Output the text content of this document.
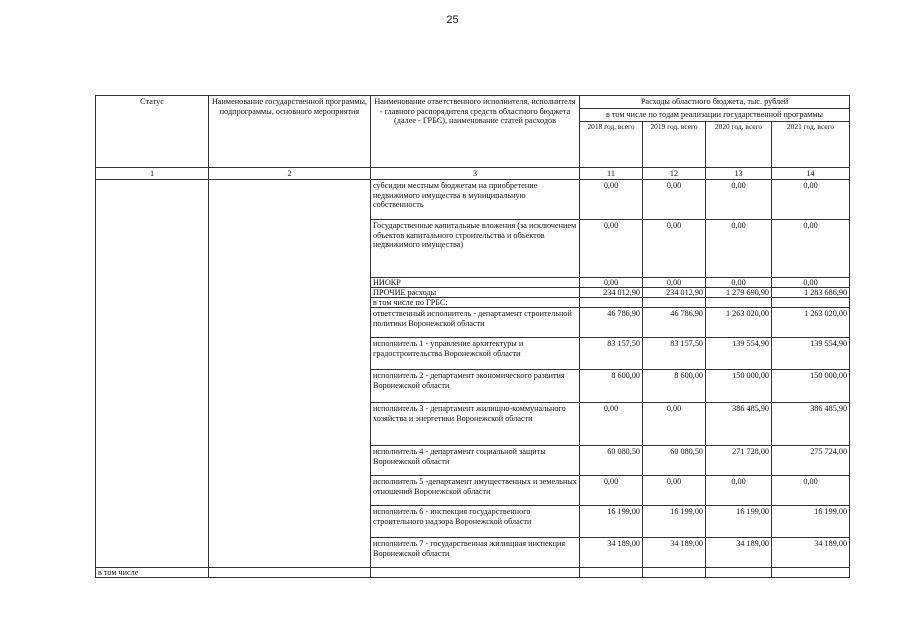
25
Статус	Наименование государственной программы, подпрограммы, основного мероприятия	Наименование ответственного исполнителя, исполнителя - главного распорядителя средств областного бюджета (далее - ГРБС), наименование статей расходов	Расходы областного бюджета, тыс. рублей			
			в том числе по годам реализации государственной программы			
			2018 год, всего	2019 год, всего	2020 год, всего	2021 год, всего
1	2	3	11	12	13	14
		субсидии местным бюджетам на приобретение недвижимого имущества в муниципальную собственность	0,00	0,00	0,00	0,00
		Государственные капитальные вложения (за исключением объектов капитального строительства и объектов недвижимого имущества)	0,00	0,00	0,00	0,00
		НИОКР	0,00	0,00	0,00	0,00
		ПРОЧИЕ расходы	234 012,90	234 012,90	1 279 690,90	1 283 686,90
		в том числе по ГРБС:				
		ответственный исполнитель - департамент строительной политики Воронежской области	46 786,90	46 786,90	1 263 020,00	1 263 020,00
		исполнитель 1 - управление архитектуры и градостроительства Воронежской области	83 157,50	83 157,50	139 554,90	139 554,90
		исполнитель 2 - департамент экономического развития Воронежской области	8 600,00	8 600,00	150 000,00	150 000,00
		исполнитель 3 - департамент жилищно-коммунального хозяйства и энергетики Воронежской области	0,00	0,00	386 485,90	386 485,90
		исполнитель 4 - департамент социальной защиты Воронежской области	60 080,50	60 080,50	271 728,00	275 724,00
		исполнитель 5 -департамент имущественных и земельных отношений Воронежской области	0,00	0,00	0,00	0,00
		исполнитель 6 - инспекция государственного строительного надзора Воронежской области	16 199,00	16 199,00	16 199,00	16 199,00
		исполнитель 7 - государственная жилищная инспекция Воронежской области	34 189,00	34 189,00	34 189,00	34 189,00
в том числе						
